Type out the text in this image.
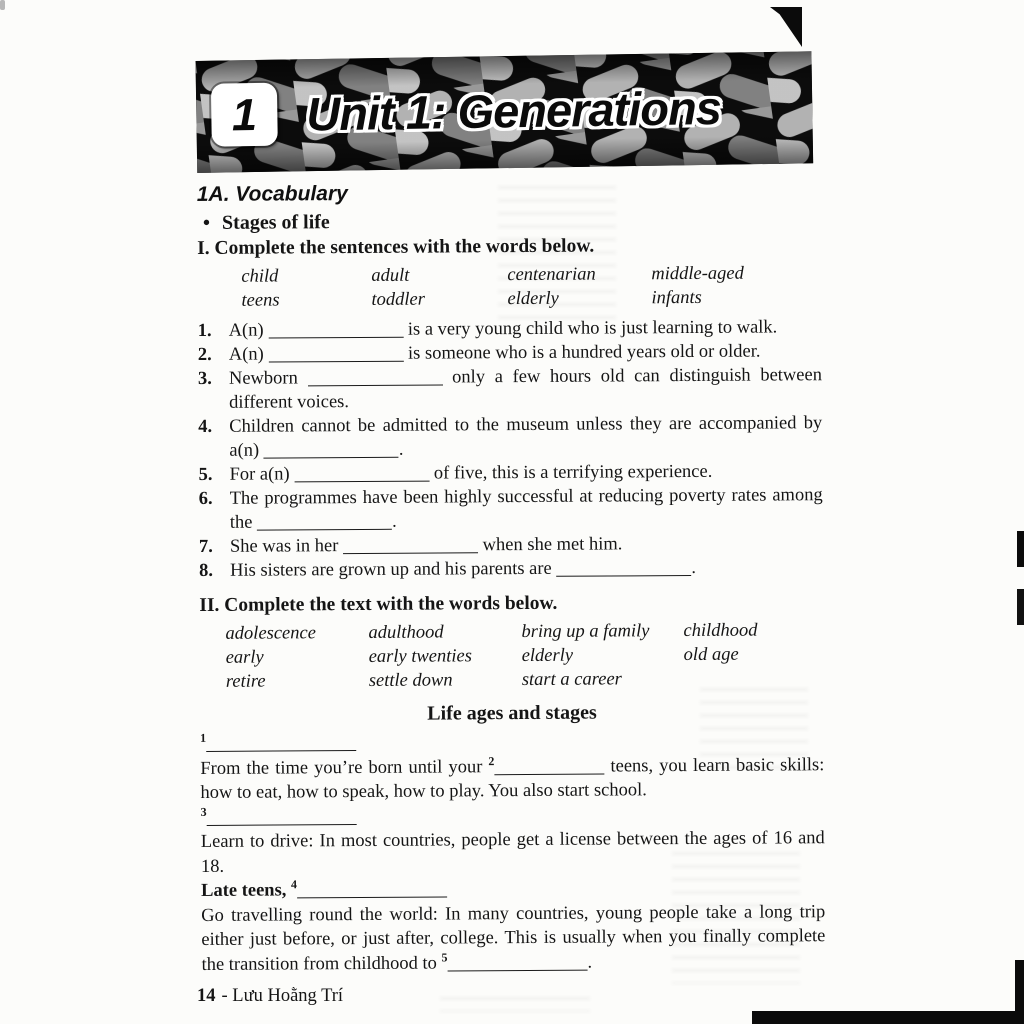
1 Unit 1: Generations
1A. Vocabulary
• Stages of life
I. Complete the sentences with the words below.
child	adult	centenarian	middle-aged
teens	toddler	elderly	infants
1. A(n)	is a very young child who is just learning to walk.
2. A(n)	is someone who is a hundred years old or older.
3. Newborn	only a few hours old can distinguish between different voices.
4. Children cannot be admitted to the museum unless they are accompanied by a(n)	.
5. For a(n)	of five, this is a terrifying experience.
6. The programmes have been highly successful at reducing poverty rates among the	.
7. She was in her	when she met him.
8. His sisters are grown up and his parents are	.
II. Complete the text with the words below.
adolescence	adulthood	bring up a family	childhood
early	early twenties	elderly	old age
retire	settle down	start a career
Life ages and stages
$^1$
From the time you’re born until your $^2$	teens, you learn basic skills: how to eat, how to speak, how to play. You also start school.
$^3$
Learn to drive: In most countries, people get a license between the ages of 16 and 18.
Late teens, $^4$
Go travelling round the world: In many countries, young people take a long trip either just before, or just after, college. This is usually when you finally complete the transition from childhood to $^5$	.
14 - Lưu Hoằng Trí
